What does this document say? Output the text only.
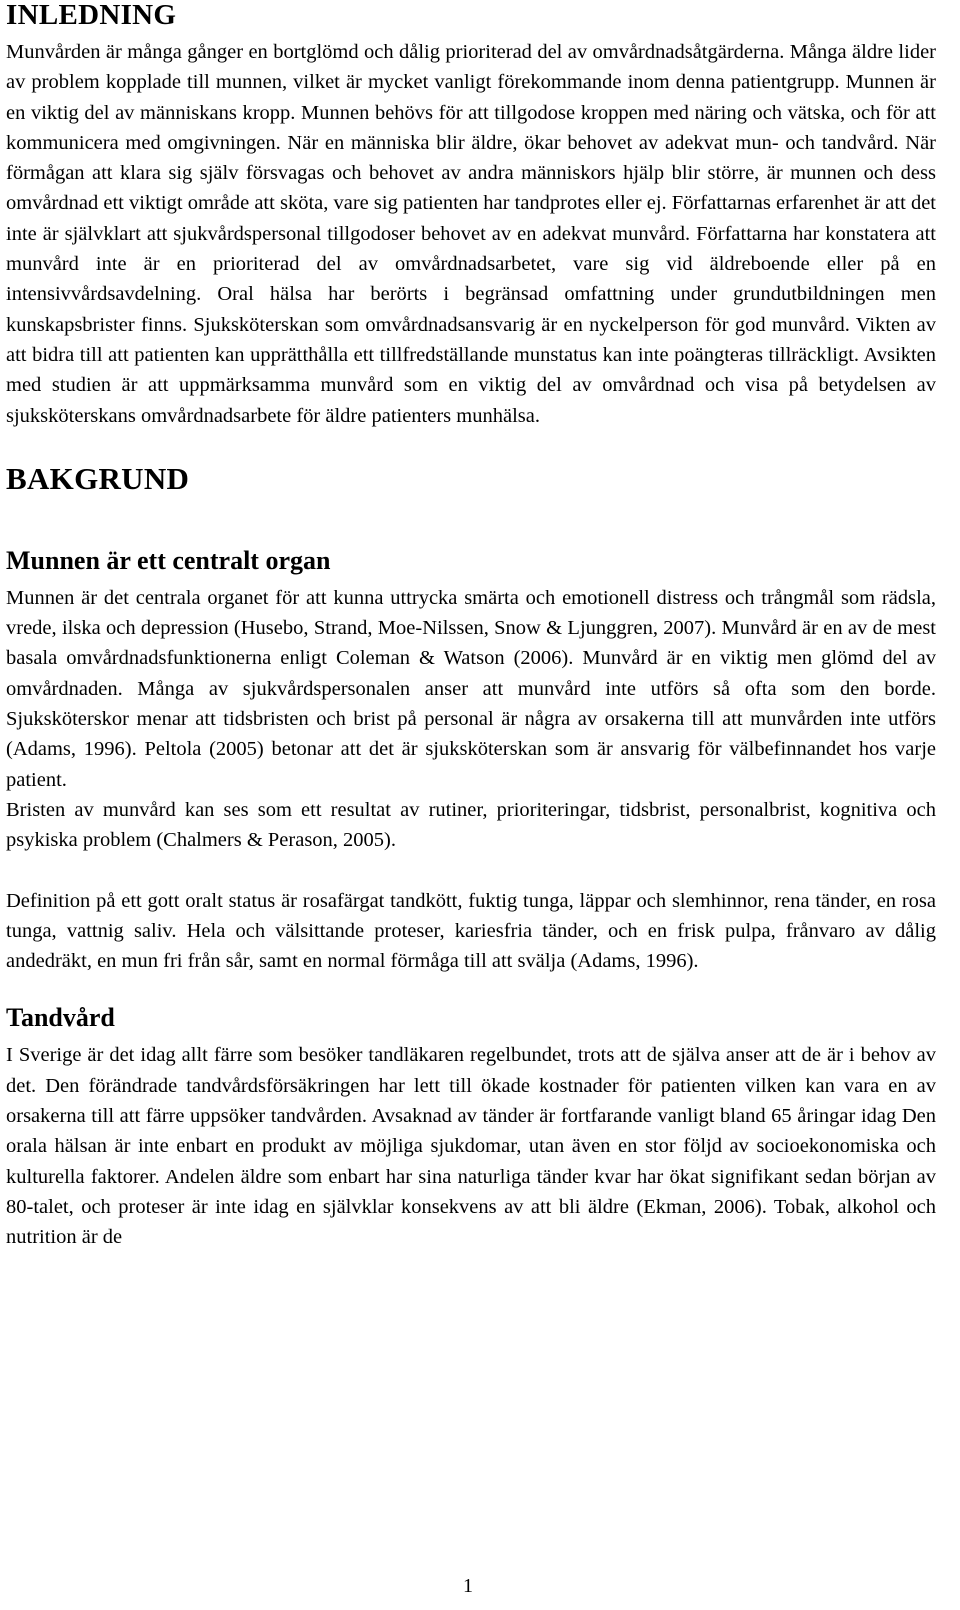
INLEDNING

Munvården är många gånger en bortglömd och dålig prioriterad del av omvårdnadsåtgärderna. Många äldre lider av problem kopplade till munnen, vilket är mycket vanligt förekommande inom denna patientgrupp. Munnen är en viktig del av människans kropp. Munnen behövs för att tillgodose kroppen med näring och vätska, och för att kommunicera med omgivningen. När en människa blir äldre, ökar behovet av adekvat mun- och tandvård. När förmågan att klara sig själv försvagas och behovet av andra människors hjälp blir större, är munnen och dess omvårdnad ett viktigt område att sköta, vare sig patienten har tandprotes eller ej. Författarnas erfarenhet är att det inte är självklart att sjukvårdspersonal tillgodoser behovet av en adekvat munvård. Författarna har konstatera att munvård inte är en prioriterad del av omvårdnadsarbetet, vare sig vid äldreboende eller på en intensivvårdsavdelning. Oral hälsa har berörts i begränsad omfattning under grundutbildningen men kunskapsbrister finns. Sjuksköterskan som omvårdnadsansvarig är en nyckelperson för god munvård. Vikten av att bidra till att patienten kan upprätthålla ett tillfredställande munstatus kan inte poängteras tillräckligt. Avsikten med studien är att uppmärksamma munvård som en viktig del av omvårdnad och visa på betydelsen av sjuksköterskans omvårdnadsarbete för äldre patienters munhälsa.

BAKGRUND
Munnen är ett centralt organ

Munnen är det centrala organet för att kunna uttrycka smärta och emotionell distress och trångmål som rädsla, vrede, ilska och depression (Husebo, Strand, Moe-Nilssen, Snow & Ljunggren, 2007). Munvård är en av de mest basala omvårdnadsfunktionerna enligt Coleman & Watson (2006). Munvård är en viktig men glömd del av omvårdnaden. Många av sjukvårdspersonalen anser att munvård inte utförs så ofta som den borde. Sjuksköterskor menar att tidsbristen och brist på personal är några av orsakerna till att munvården inte utförs (Adams, 1996). Peltola (2005) betonar att det är sjuksköterskan som är ansvarig för välbefinnandet hos varje patient.

Bristen av munvård kan ses som ett resultat av rutiner, prioriteringar, tidsbrist, personalbrist, kognitiva och psykiska problem (Chalmers & Perason, 2005).

Definition på ett gott oralt status är rosafärgat tandkött, fuktig tunga, läppar och slemhinnor, rena tänder, en rosa tunga, vattnig saliv. Hela och välsittande proteser, kariesfria tänder, och en frisk pulpa, frånvaro av dålig andedräkt, en mun fri från sår, samt en normal förmåga till att svälja (Adams, 1996).

Tandvård

I Sverige är det idag allt färre som besöker tandläkaren regelbundet, trots att de själva anser att de är i behov av det. Den förändrade tandvårdsförsäkringen har lett till ökade kostnader för patienten vilken kan vara en av orsakerna till att färre uppsöker tandvården. Avsaknad av tänder är fortfarande vanligt bland 65 åringar idag Den orala hälsan är inte enbart en produkt av möjliga sjukdomar, utan även en stor följd av socioekonomiska och kulturella faktorer. Andelen äldre som enbart har sina naturliga tänder kvar har ökat signifikant sedan början av 80-talet, och proteser är inte idag en självklar konsekvens av att bli äldre (Ekman, 2006). Tobak, alkohol och nutrition är de

1
